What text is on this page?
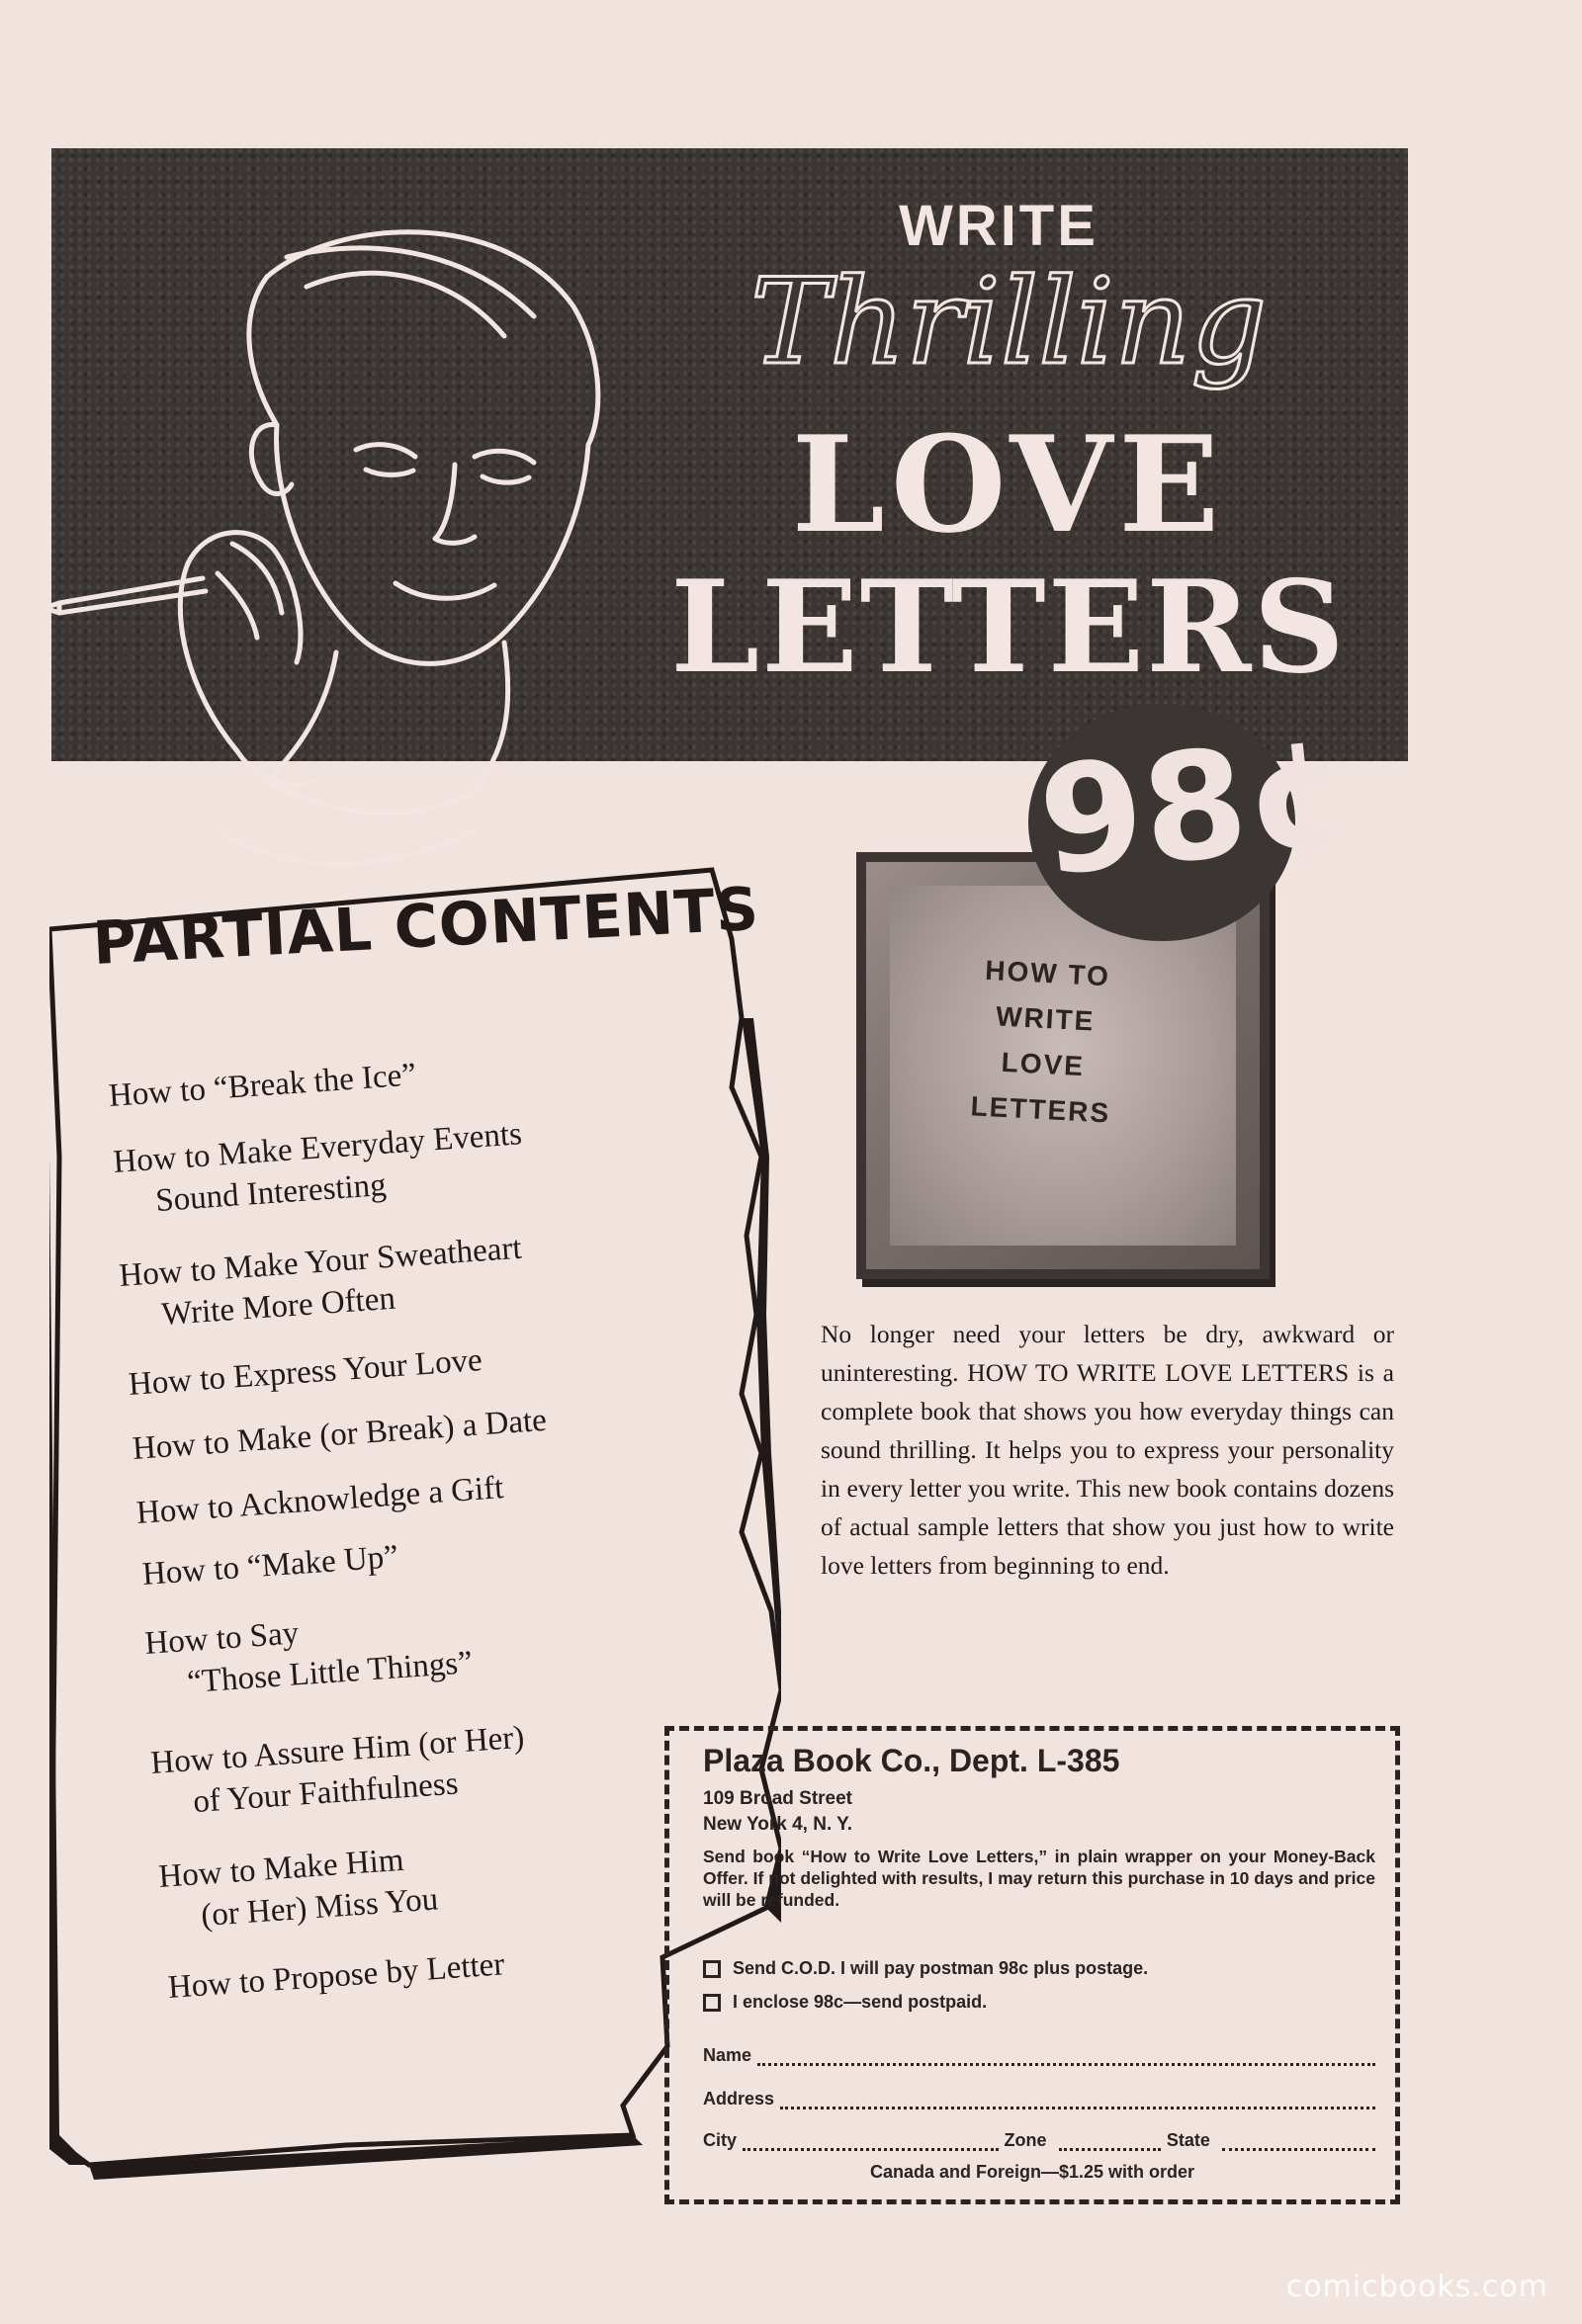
WRITE
Thrilling
LOVE
LETTERS
HOW TO
WRITE
LOVE
LETTERS
98¢
PARTIAL CONTENTS
How to “Break the Ice”
How to Make Everyday Events
Sound Interesting
How to Make Your Sweatheart
Write More Often
How to Express Your Love
How to Make (or Break) a Date
How to Acknowledge a Gift
How to “Make Up”
How to Say
“Those Little Things”
How to Assure Him (or Her)
of Your Faithfulness
How to Make Him
(or Her) Miss You
How to Propose by Letter
No longer need your letters be dry, awkward or uninteresting. HOW TO WRITE LOVE LETTERS is a complete book that shows you how everyday things can sound thrilling. It helps you to express your personality in every letter you write. This new book contains dozens of actual sample letters that show you just how to write love letters from beginning to end.
Plaza Book Co., Dept. L-385
109 Broad Street
New York 4, N. Y.
Send book “How to Write Love Letters,” in plain wrapper on your Money-Back Offer. If not delighted with results, I may return this purchase in 10 days and price will be refunded.
Send C.O.D. I will pay postman 98c plus postage.
I enclose 98c—send postpaid.
Name
Address
City	Zone	State
Canada and Foreign—$1.25 with order
comicbooks.com
